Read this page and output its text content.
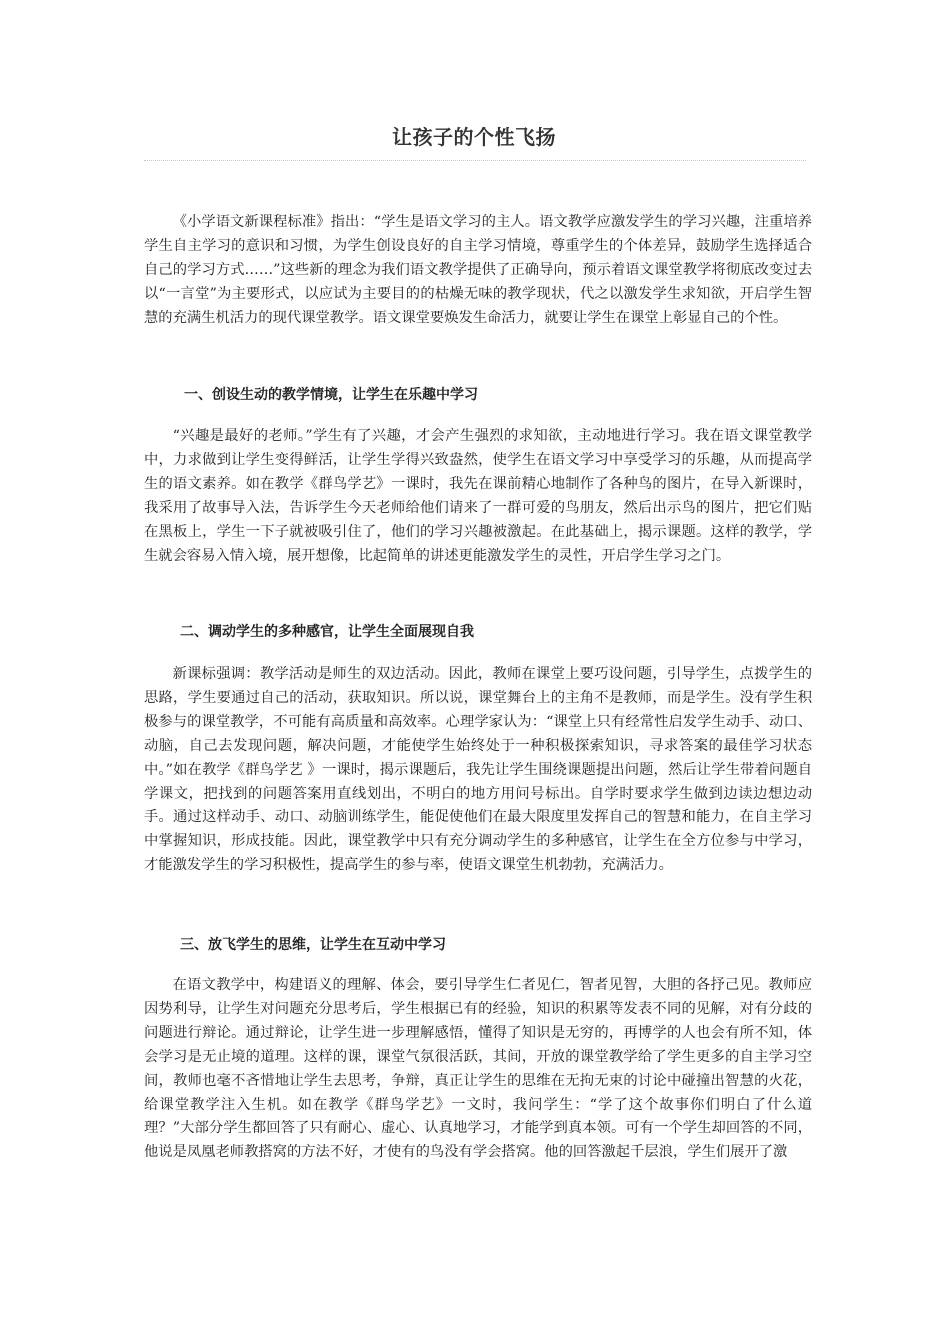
让孩子的个性飞扬

《小学语文新课程标准》指出：“学生是语文学习的主人。语文教学应激发学生的学习兴趣，注重培养学生自主学习的意识和习惯，为学生创设良好的自主学习情境，尊重学生的个体差异，鼓励学生选择适合自己的学习方式……”这些新的理念为我们语文教学提供了正确导向，预示着语文课堂教学将彻底改变过去以“一言堂”为主要形式，以应试为主要目的的枯燥无味的教学现状，代之以激发学生求知欲，开启学生智慧的充满生机活力的现代课堂教学。语文课堂要焕发生命活力，就要让学生在课堂上彰显自己的个性。

一、创设生动的教学情境，让学生在乐趣中学习

“兴趣是最好的老师。”学生有了兴趣，才会产生强烈的求知欲，主动地进行学习。我在语文课堂教学中，力求做到让学生变得鲜活，让学生学得兴致盎然，使学生在语文学习中享受学习的乐趣，从而提高学生的语文素养。如在教学《群鸟学艺》一课时，我先在课前精心地制作了各种鸟的图片，在导入新课时，我采用了故事导入法，告诉学生今天老师给他们请来了一群可爱的鸟朋友，然后出示鸟的图片，把它们贴在黑板上，学生一下子就被吸引住了，他们的学习兴趣被激起。在此基础上，揭示课题。这样的教学，学生就会容易入情入境，展开想像，比起简单的讲述更能激发学生的灵性，开启学生学习之门。

二、调动学生的多种感官，让学生全面展现自我

新课标强调：教学活动是师生的双边活动。因此，教师在课堂上要巧设问题，引导学生，点拨学生的思路，学生要通过自己的活动，获取知识。所以说，课堂舞台上的主角不是教师，而是学生。没有学生积极参与的课堂教学，不可能有高质量和高效率。心理学家认为：“课堂上只有经常性启发学生动手、动口、动脑，自己去发现问题，解决问题，才能使学生始终处于一种积极探索知识，寻求答案的最佳学习状态中。”如在教学《群鸟学艺 》一课时，揭示课题后，我先让学生围绕课题提出问题，然后让学生带着问题自学课文，把找到的问题答案用直线划出，不明白的地方用问号标出。自学时要求学生做到边读边想边动手。通过这样动手、动口、动脑训练学生，能促使他们在最大限度里发挥自己的智慧和能力，在自主学习中掌握知识，形成技能。因此，课堂教学中只有充分调动学生的多种感官，让学生在全方位参与中学习，才能激发学生的学习积极性，提高学生的参与率，使语文课堂生机勃勃，充满活力。

三、放飞学生的思维，让学生在互动中学习

在语文教学中，构建语义的理解、体会，要引导学生仁者见仁，智者见智，大胆的各抒己见。教师应因势利导，让学生对问题充分思考后，学生根据已有的经验，知识的积累等发表不同的见解，对有分歧的问题进行辩论。通过辩论，让学生进一步理解感悟，懂得了知识是无穷的，再博学的人也会有所不知，体会学习是无止境的道理。这样的课，课堂气氛很活跃，其间，开放的课堂教学给了学生更多的自主学习空间，教师也毫不吝惜地让学生去思考，争辩，真正让学生的思维在无拘无束的讨论中碰撞出智慧的火花，给课堂教学注入生机。如在教学《群鸟学艺》一文时，我问学生：“学了这个故事你们明白了什么道理？”大部分学生都回答了只有耐心、虚心、认真地学习，才能学到真本领。可有一个学生却回答的不同，他说是凤凰老师教搭窝的方法不好，才使有的鸟没有学会搭窝。他的回答激起千层浪，学生们展开了激
